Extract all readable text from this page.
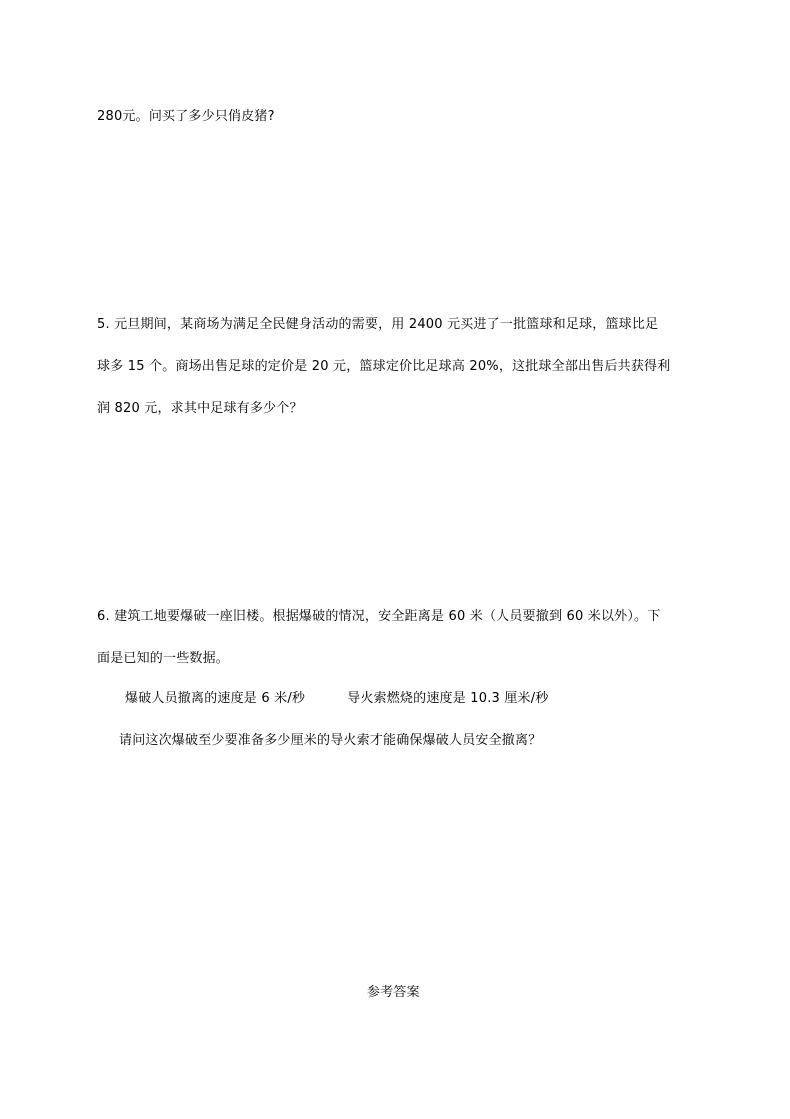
280元。问买了多少只俏皮猪?
5. 元旦期间，某商场为满足全民健身活动的需要，用 2400 元买进了一批篮球和足球，篮球比足
球多 15 个。商场出售足球的定价是 20 元，篮球定价比足球高 20%，这批球全部出售后共获得利
润 820 元，求其中足球有多少个？
6. 建筑工地要爆破一座旧楼。根据爆破的情况，安全距离是 60 米（人员要撤到 60 米以外）。下
面是已知的一些数据。
爆破人员撤离的速度是 6 米/秒	导火索燃烧的速度是 10.3 厘米/秒
请问这次爆破至少要准备多少厘米的导火索才能确保爆破人员安全撤离？
参考答案
